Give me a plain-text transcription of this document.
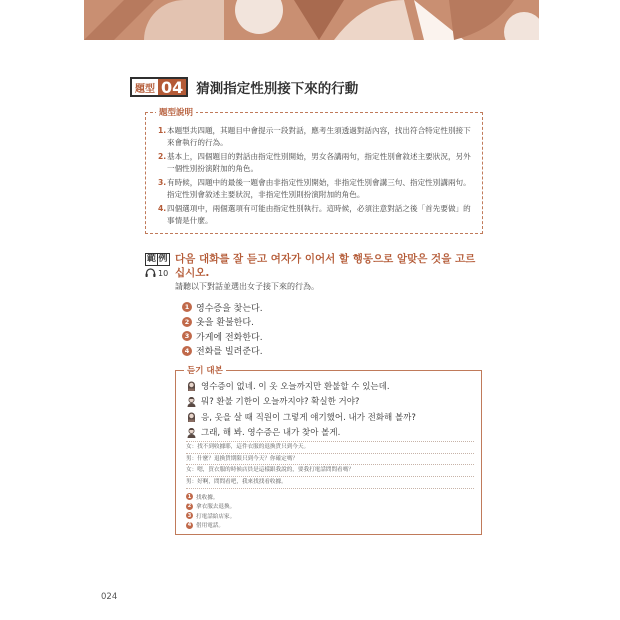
題型 04 猜測指定性別接下來的行動
題型說明
1. 本題型共四題，其題目中會提示一段對話，應考生須透過對話內容，找出符合特定性別接下來會執行的行為。
2. 基本上，四個題目的對話由指定性別開始，男女各講兩句，指定性別會敘述主要狀況，另外一個性別扮演附加的角色。
3. 有時候，四題中的最後一題會由非指定性別開始，非指定性別會講三句、指定性別講兩句。指定性別會敘述主要狀況，非指定性別則扮演附加的角色。
4. 四個選項中，兩個選項有可能由指定性別執行。這時候，必須注意對話之後「首先要做」的事情是什麼。
範 例
10
다음 대화를 잘 듣고 여자가 이어서 할 행동으로 알맞은 것을 고르십시오.
請聽以下對話並選出女子接下來的行為。
1 영수증을 찾는다.
2 옷을 환불한다.
3 가게에 전화한다.
4 전화를 빌려준다.
듣기 대본
영수증이 없네. 이 옷 오늘까지만 환불할 수 있는데.
뭐? 환불 기한이 오늘까지야? 확실한 거야?
응, 옷을 살 때 직원이 그렇게 얘기했어. 내가 전화해 볼까?
그래, 해 봐. 영수증은 내가 찾아 볼게.
女：找不到收據耶，這件衣服的退換貨只到今天。
男：什麼？退換貨期限只到今天？你確定嗎？
女：嗯，買衣服的時候店員是這樣跟我說的，要我打電話問問看嗎？
男：好啊，問問看吧，我來找找看收據。
1 找收據。
2 拿衣服去退換。
3 打電話給店家。
4 借用電話。
024
